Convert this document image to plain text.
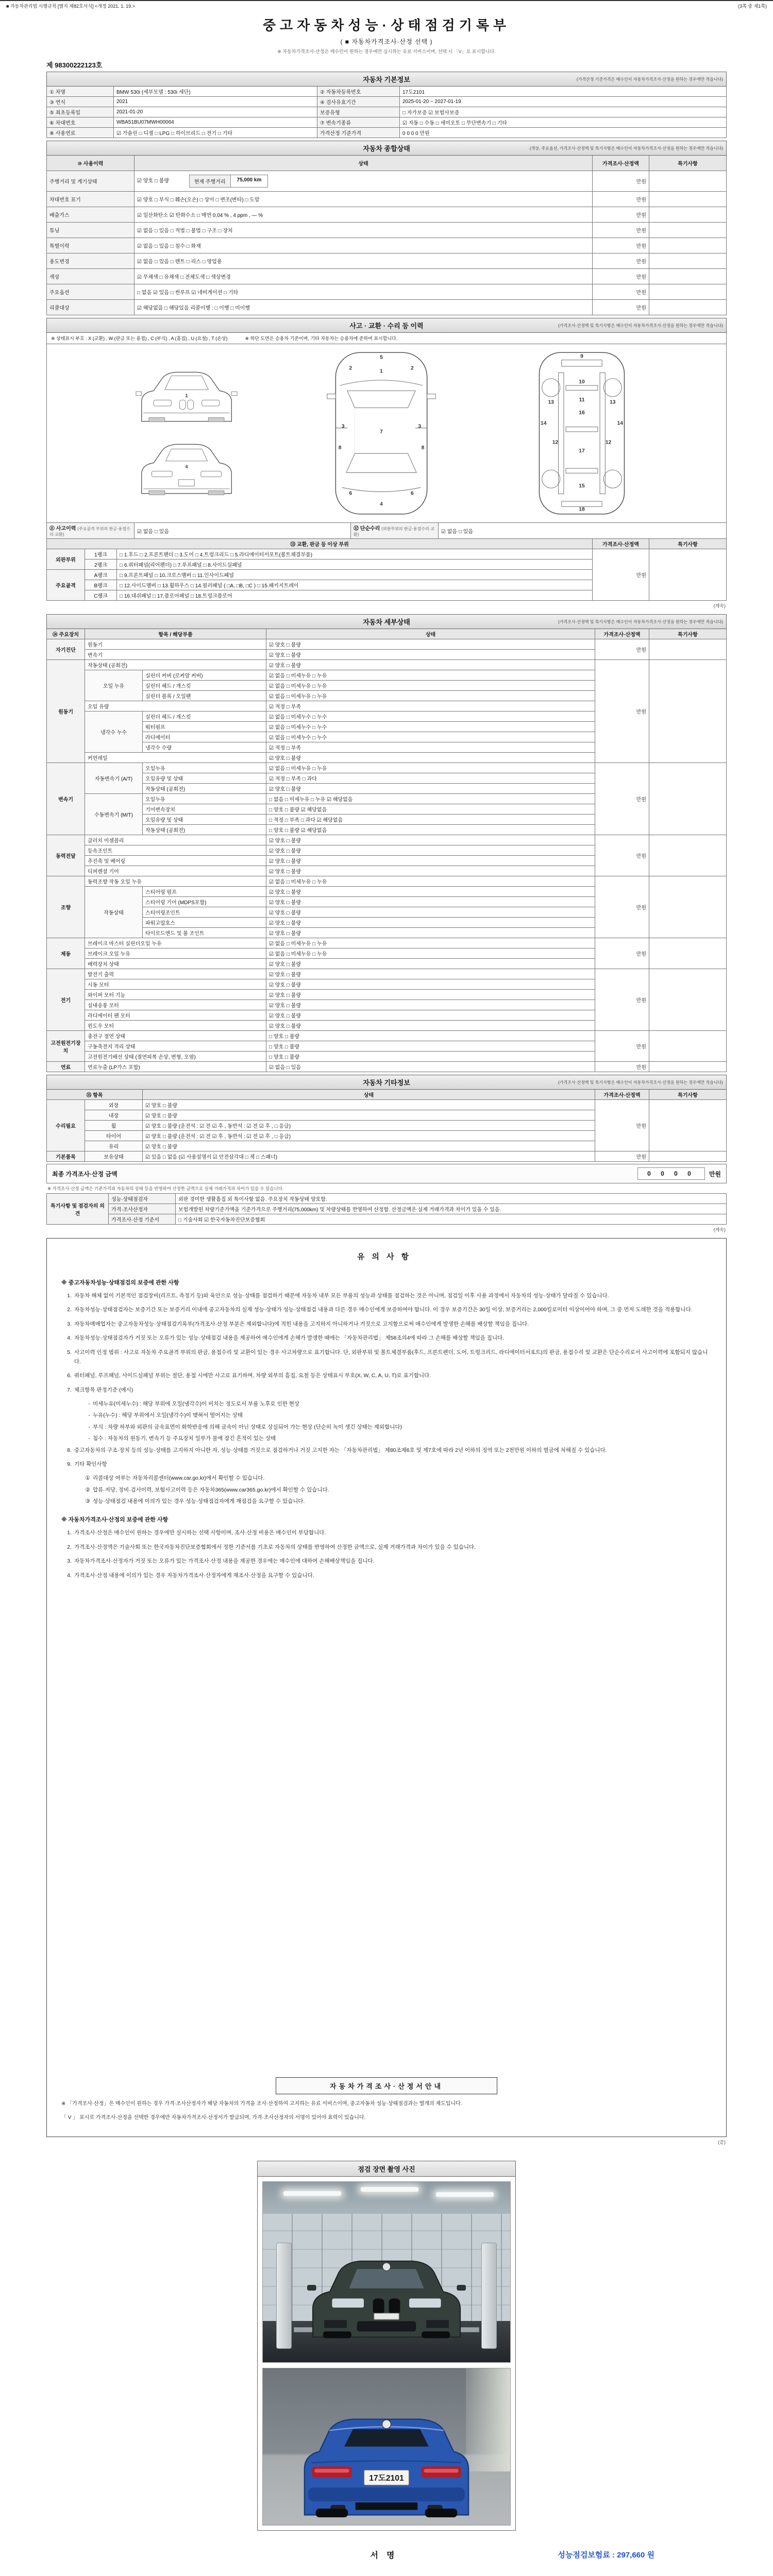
■ 자동차관리법 시행규칙 [별지 제82호서식] <개정 2021. 1. 19.>	(3쪽 중 제1쪽)
중고자동차성능·상태점검기록부
( ■ 자동차가격조사·산정 선택 )
※ 자동차가격조사·산정은 매수인이 원하는 경우에만 실시하는 유료 서비스이며, 선택 시 「V」로 표시합니다.
제 98300222123호
자동차 기본정보	(가격산정 기준가격은 매수인이 자동차가격조사·산정을 원하는 경우에만 적습니다)
① 차명	BMW 530i (세부모델 : 530i 세단)	② 자동차등록번호	17도2101
③ 연식	2021	④ 검사유효기간	2025-01-20 ~ 2027-01-19
⑤ 최초등록일	2021-01-20	보증유형	□ 자가보증 ☑ 보험사보증
⑥ 차대번호	WBA51BU07MWH00064	⑦ 변속기종류	☑ 자동 □ 수동 □ 세미오토 □ 무단변속기 □ 기타
⑧ 사용연료	☑ 가솔린 □ 디젤 □ LPG □ 하이브리드 □ 전기 □ 기타	가격산정 기준가격	0 0 0 0 만원
자동차 종합상태	(색상, 주요옵션, 가격조사·산정액 및 특기사항은 매수인이 자동차가격조사·산정을 원하는 경우에만 적습니다)
⑩ 사용이력	상태	가격조사·산정액	특기사항
주행거리 및 계기상태	☑ 양호 □ 불량 현재 주행거리 75,000 km	만원	
차대번호 표기	☑ 양호 □ 부식 □ 훼손(오손) □ 상이 □ 변조(변타) □ 도말	만원	
배출가스	☑ 일산화탄소 ☑ 탄화수소 □ 매연 0.04 % , 4 ppm , ― %	만원	
튜닝	☑ 없음 □ 있음 □ 적법 □ 불법 □ 구조 □ 장치	만원	
특별이력	☑ 없음 □ 있음 □ 침수 □ 화재	만원	
용도변경	☑ 없음 □ 있음 □ 렌트 □ 리스 □ 영업용	만원	
색상	☑ 무채색 □ 유채색 □ 전체도색 □ 색상변경	만원	
주요옵션	□ 없음 ☑ 있음 □ 썬루프 ☑ 네비게이션 □ 기타	만원	
리콜대상	☑ 해당없음 □ 해당있음 리콜이행 : □ 이행 □ 미이행	만원	
사고 · 교환 · 수리 등 이력	(가격조사·산정액 및 특기사항은 매수인이 자동차가격조사·산정을 원하는 경우에만 적습니다)
※ 상태표시 부호 : X (교환) , W (판금 또는 용접) , C (부식) , A (흠집) , U (요철) , T (손상)	※ 하단 도면은 승용차 기준이며, 기타 자동차는 승용차에 준하여 표시합니다.
1
4
5
1
2	2
3	3
7
8	8
6	6
4
9
10
11
12	12
13	13
14	14
15
16
17
18
⑪ 사고이력 (주요골격 부위의 판금·용접수리·교환)	☑ 없음 □ 있음	⑫ 단순수리 (외판부위의 판금·용접수리·교환)	☑ 없음 □ 있음
⑬ 교환, 판금 등 이상 부위			가격조사·산정액	특기사항
외판부위	1랭크	□ 1.후드 □ 2.프론트펜더 □ 3.도어 □ 4.트렁크리드 □ 5.라디에이터서포트(볼트체결부품)	만원	
	2랭크	□ 6.쿼터패널(리어펜더) □ 7.루프패널 □ 8.사이드실패널		
주요골격	A랭크	□ 9.프론트패널 □ 10.크로스멤버 □ 11.인사이드패널		
	B랭크	□ 12.사이드멤버 □ 13.휠하우스 □ 14.필러패널 ( □A, □B, □C ) □ 15.패키지트레이		
	C랭크	□ 16.대쉬패널 □ 17.플로어패널 □ 18.트렁크플로어		
(계속)
자동차 세부상태	(가격조사·산정액 및 특기사항은 매수인이 자동차가격조사·산정을 원하는 경우에만 적습니다)
⑭ 주요장치	항목 / 해당부품		상태	가격조사·산정액	특기사항
자기진단	원동기		☑ 양호 □ 불량	만원	
	변속기		☑ 양호 □ 불량		
원동기	작동상태 (공회전)		☑ 양호 □ 불량	만원	
	오일 누유	실린더 커버 (로커암 커버)	☑ 없음 □ 미세누유 □ 누유		
		실린더 헤드 / 개스킷	☑ 없음 □ 미세누유 □ 누유		
		실린더 블록 / 오일팬	☑ 없음 □ 미세누유 □ 누유		
	오일 유량		☑ 적정 □ 부족		
	냉각수 누수	실린더 헤드 / 개스킷	☑ 없음 □ 미세누수 □ 누수		
		워터펌프	☑ 없음 □ 미세누수 □ 누수		
		라디에이터	☑ 없음 □ 미세누수 □ 누수		
		냉각수 수량	☑ 적정 □ 부족		
	커먼레일		☑ 양호 □ 불량		
변속기	자동변속기 (A/T)	오일누유	☑ 없음 □ 미세누유 □ 누유	만원	
		오일유량 및 상태	☑ 적정 □ 부족 □ 과다		
		작동상태 (공회전)	☑ 양호 □ 불량		
	수동변속기 (M/T)	오일누유	□ 없음 □ 미세누유 □ 누유 ☑ 해당없음		
		기어변속장치	□ 양호 □ 불량 ☑ 해당없음		
		오일유량 및 상태	□ 적정 □ 부족 □ 과다 ☑ 해당없음		
		작동상태 (공회전)	□ 양호 □ 불량 ☑ 해당없음		
동력전달	클러치 어셈블리		☑ 양호 □ 불량	만원	
	등속조인트		☑ 양호 □ 불량		
	추진축 및 베어링		☑ 양호 □ 불량		
	디퍼렌셜 기어		☑ 양호 □ 불량		
조향	동력조향 작동 오일 누유		☑ 없음 □ 미세누유 □ 누유	만원	
	작동상태	스티어링 펌프	☑ 양호 □ 불량		
		스티어링 기어 (MDPS포함)	☑ 양호 □ 불량		
		스티어링조인트	☑ 양호 □ 불량		
		파워고압호스	☑ 양호 □ 불량		
		타이로드엔드 및 볼 조인트	☑ 양호 □ 불량		
제동	브레이크 마스터 실린더오일 누유		☑ 없음 □ 미세누유 □ 누유	만원	
	브레이크 오일 누유		☑ 없음 □ 미세누유 □ 누유		
	배력장치 상태		☑ 양호 □ 불량		
전기	발전기 출력		☑ 양호 □ 불량	만원	
	시동 모터		☑ 양호 □ 불량		
	와이퍼 모터 기능		☑ 양호 □ 불량		
	실내송풍 모터		☑ 양호 □ 불량		
	라디에이터 팬 모터		☑ 양호 □ 불량		
	윈도우 모터		☑ 양호 □ 불량		
고전원전기장치	충전구 절연 상태		□ 양호 □ 불량	만원	
	구동축전지 격리 상태		□ 양호 □ 불량		
	고전원전기배선 상태 (절연피복 손상, 변형, 오염)		□ 양호 □ 불량		
연료	연료누출 (LP가스 포함)		☑ 없음 □ 있음	만원	
자동차 기타정보	(가격조사·산정액 및 특기사항은 매수인이 자동차가격조사·산정을 원하는 경우에만 적습니다)
⑮ 항목		상태	가격조사·산정액	특기사항
수리필요	외장	☑ 양호 □ 불량	만원	
	내장	☑ 양호 □ 불량		
	휠	☑ 양호 □ 불량 (운전석 : ☑ 전 ☑ 후 , 동반석 : ☑ 전 ☑ 후 , □ 응급)		
	타이어	☑ 양호 □ 불량 (운전석 : ☑ 전 ☑ 후 , 동반석 : ☑ 전 ☑ 후 , □ 응급)		
	유리	☑ 양호 □ 불량		
기본품목	보유상태	☑ 있음 □ 없음 (☑ 사용설명서 ☑ 안전삼각대 □ 잭 □ 스패너)	만원	
최종 가격조사·산정 금액	0 0 0 0	만원
※ 가격조사·산정 금액은 기준가격과 자동차의 상태 등을 반영하여 산정한 금액으로 실제 거래가격과 차이가 있을 수 있습니다.
특기사항 및 점검자의 의견	성능·상태점검자	외판 경미한 생활흠집 외 특이사항 없음. 주요장치 작동상태 양호함.
	가격·조사산정자	보험개발원 차량기준가액을 기준가격으로 주행거리(75,000km) 및 차량상태를 반영하여 산정함. 산정금액은 실제 거래가격과 차이가 있을 수 있음.
	가격조사·산정 기준서	□ 기술사회 ☑ 한국자동차진단보증협회
(계속)
유의사항
※ 중고자동차성능·상태점검의 보증에 관한 사항
1. 자동차 해체 없이 기본적인 점검장비(리프트, 측정기 등)와 육안으로 성능·상태를 점검하기 때문에 자동차 내부 모든 부품의 성능과 상태를 점검하는 것은 아니며, 점검일 이후 사용 과정에서 자동차의 성능·상태가 달라질 수 있습니다.
2. 자동차성능·상태점검자는 보증기간 또는 보증거리 이내에 중고자동차의 실제 성능·상태가 성능·상태점검 내용과 다른 경우 매수인에게 보증하여야 합니다. 이 경우 보증기간은 30일 이상, 보증거리는 2,000킬로미터 이상이어야 하며, 그 중 먼저 도래한 것을 적용합니다.
3. 자동차매매업자는 중고자동차성능·상태점검기록부(가격조사·산정 부분은 제외합니다)에 적힌 내용을 고지하지 아니하거나 거짓으로 고지함으로써 매수인에게 발생한 손해를 배상할 책임을 집니다.
4. 자동차성능·상태점검자가 거짓 또는 오류가 있는 성능·상태점검 내용을 제공하여 매수인에게 손해가 발생한 때에는 「자동차관리법」 제58조의4에 따라 그 손해를 배상할 책임을 집니다.
5. 사고이력 인정 범위 : 사고로 자동차 주요골격 부위의 판금, 용접수리 및 교환이 있는 경우 사고차량으로 표기합니다. 단, 외판부위 및 볼트체결부품(후드, 프론트펜더, 도어, 트렁크리드, 라디에이터서포트)의 판금, 용접수리 및 교환은 단순수리로서 사고이력에 포함되지 않습니다.
6. 쿼터패널, 루프패널, 사이드실패널 부위는 절단, 용접 시에만 사고로 표기하며, 차량 외부의 흠집, 요철 등은 상태표시 부호(X, W, C, A, U, T)로 표기합니다.
7. 체크항목 판정기준 (예시)
- 미세누유(미세누수) : 해당 부위에 오일(냉각수)이 비치는 정도로서 부품 노후로 인한 현상
- 누유(누수) : 해당 부위에서 오일(냉각수)이 맺혀서 떨어지는 상태
- 부식 : 차량 하부와 외판의 금속표면이 화학반응에 의해 금속이 아닌 상태로 상실되어 가는 현상 (단순히 녹이 생긴 상태는 제외합니다)
- 침수 : 자동차의 원동기, 변속기 등 주요장치 일부가 물에 잠긴 흔적이 있는 상태
8. 중고자동차의 구조·장치 등의 성능·상태를 고지하지 아니한 자, 성능·상태를 거짓으로 점검하거나 거짓 고지한 자는 「자동차관리법」 제80조제6호 및 제7호에 따라 2년 이하의 징역 또는 2천만원 이하의 벌금에 처해질 수 있습니다.
9. 기타 확인사항
① 리콜대상 여부는 자동차리콜센터(www.car.go.kr)에서 확인할 수 있습니다.
② 압류·저당, 정비·검사이력, 보험사고이력 등은 자동차365(www.car365.go.kr)에서 확인할 수 있습니다.
③ 성능·상태점검 내용에 이의가 있는 경우 성능·상태점검자에게 재점검을 요구할 수 있습니다.
※ 자동차가격조사·산정의 보증에 관한 사항
1. 가격조사·산정은 매수인이 원하는 경우에만 실시하는 선택 사항이며, 조사·산정 비용은 매수인이 부담합니다.
2. 가격조사·산정액은 기술사회 또는 한국자동차진단보증협회에서 정한 기준서를 기초로 자동차의 상태를 반영하여 산정한 금액으로, 실제 거래가격과 차이가 있을 수 있습니다.
3. 자동차가격조사·산정자가 거짓 또는 오류가 있는 가격조사·산정 내용을 제공한 경우에는 매수인에 대하여 손해배상책임을 집니다.
4. 가격조사·산정 내용에 이의가 있는 경우 자동차가격조사·산정자에게 재조사·산정을 요구할 수 있습니다.
자동차가격조사·산정서안내
※ 「가격조사·산정」은 매수인이 원하는 경우 가격·조사산정자가 해당 자동차의 가격을 조사·산정하여 고지하는 유료 서비스이며, 중고자동차 성능·상태점검과는 별개의 제도입니다.
「 V 」 표시로 가격조사·산정을 선택한 경우에만 자동차가격조사·산정서가 발급되며, 가격·조사산정자의 서명이 있어야 효력이 있습니다.
(끝)
점검 장면 촬영 사진
17도2101
서명	성능점검보험료 : 297,660 원
